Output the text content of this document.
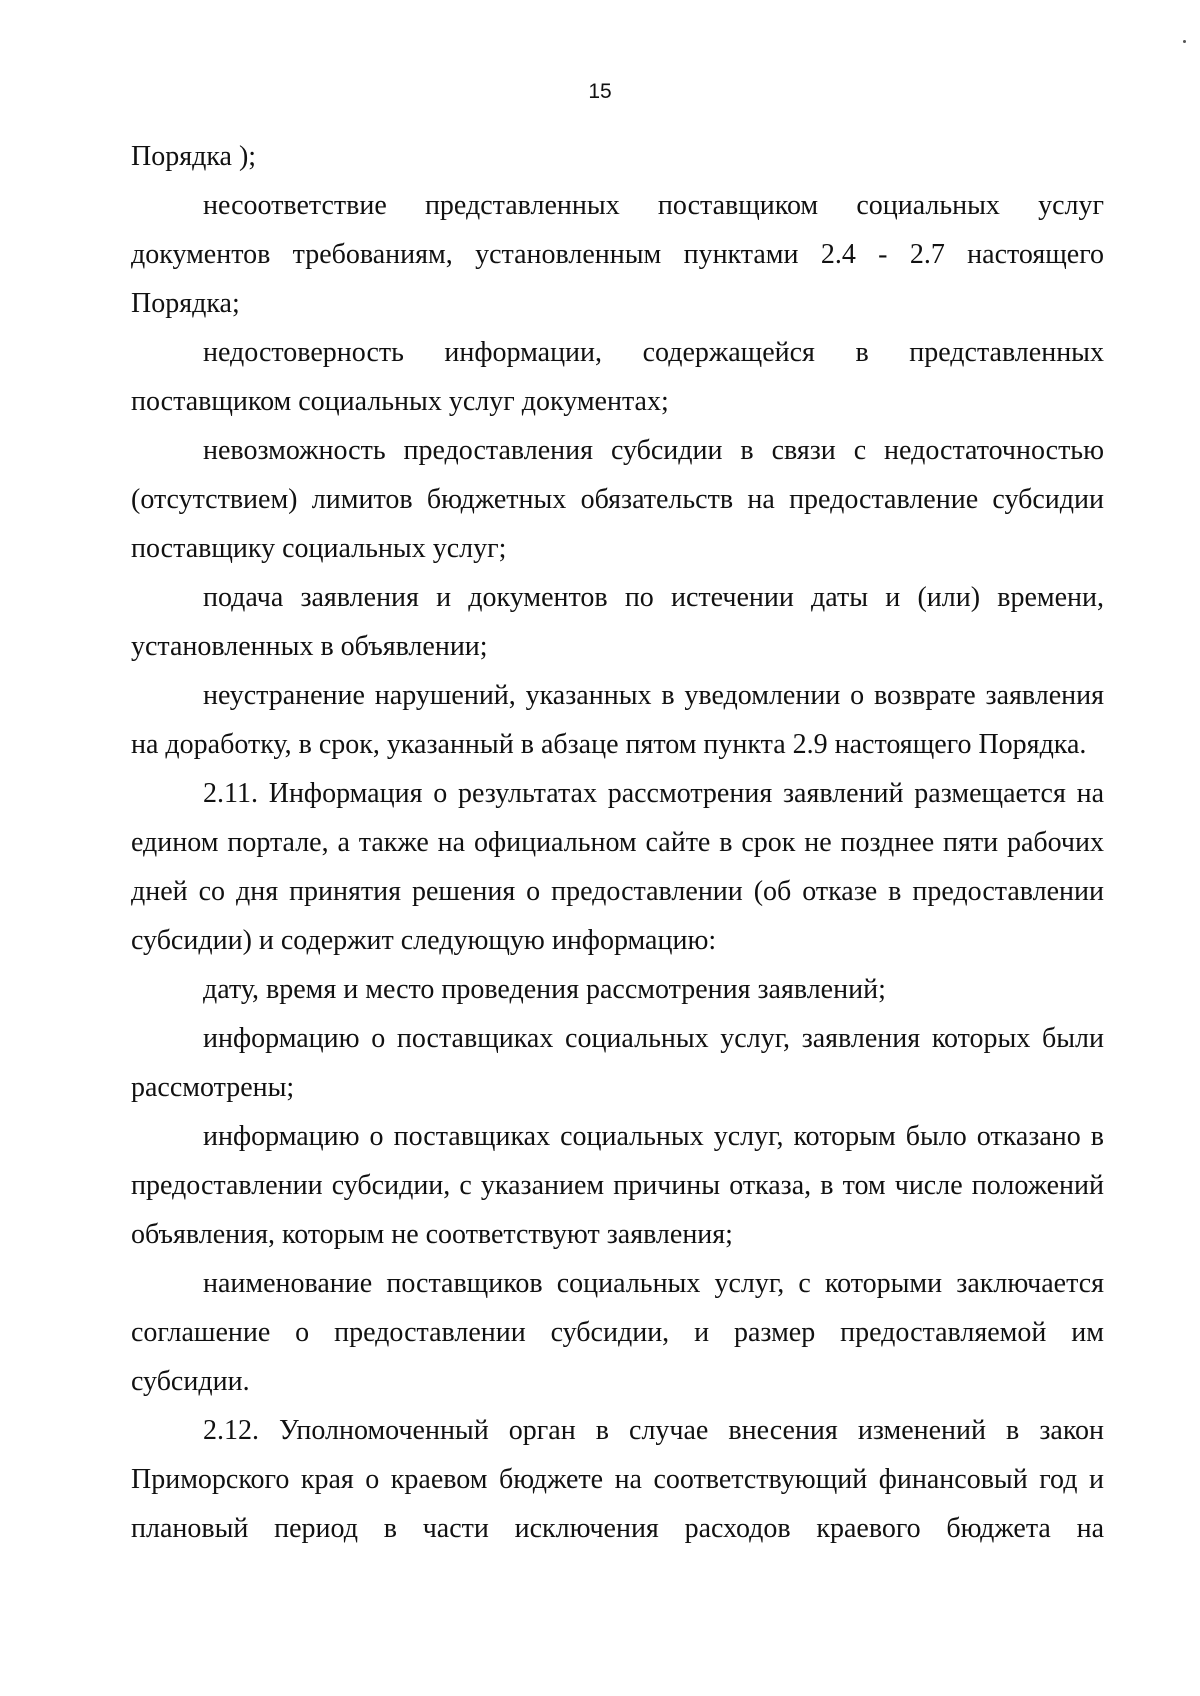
15

Порядка );

несоответствие представленных поставщиком социальных услуг документов требованиям, установленным пунктами 2.4 - 2.7 настоящего Порядка;

недостоверность информации, содержащейся в представленных поставщиком социальных услуг документах;

невозможность предоставления субсидии в связи с недостаточностью (отсутствием) лимитов бюджетных обязательств на предоставление субсидии поставщику социальных услуг;

подача заявления и документов по истечении даты и (или) времени, установленных в объявлении;

неустранение нарушений, указанных в уведомлении о возврате заявления на доработку, в срок, указанный в абзаце пятом пункта 2.9 настоящего Порядка.

2.11. Информация о результатах рассмотрения заявлений размещается на едином портале, а также на официальном сайте в срок не позднее пяти рабочих дней со дня принятия решения о предоставлении (об отказе в предоставлении субсидии) и содержит следующую информацию:

дату, время и место проведения рассмотрения заявлений;

информацию о поставщиках социальных услуг, заявления которых были рассмотрены;

информацию о поставщиках социальных услуг, которым было отказано в предоставлении субсидии, с указанием причины отказа, в том числе положений объявления, которым не соответствуют заявления;

наименование поставщиков социальных услуг, с которыми заключается соглашение о предоставлении субсидии, и размер предоставляемой им субсидии.

2.12. Уполномоченный орган в случае внесения изменений в закон Приморского края о краевом бюджете на соответствующий финансовый год и плановый период в части исключения расходов краевого бюджета на
